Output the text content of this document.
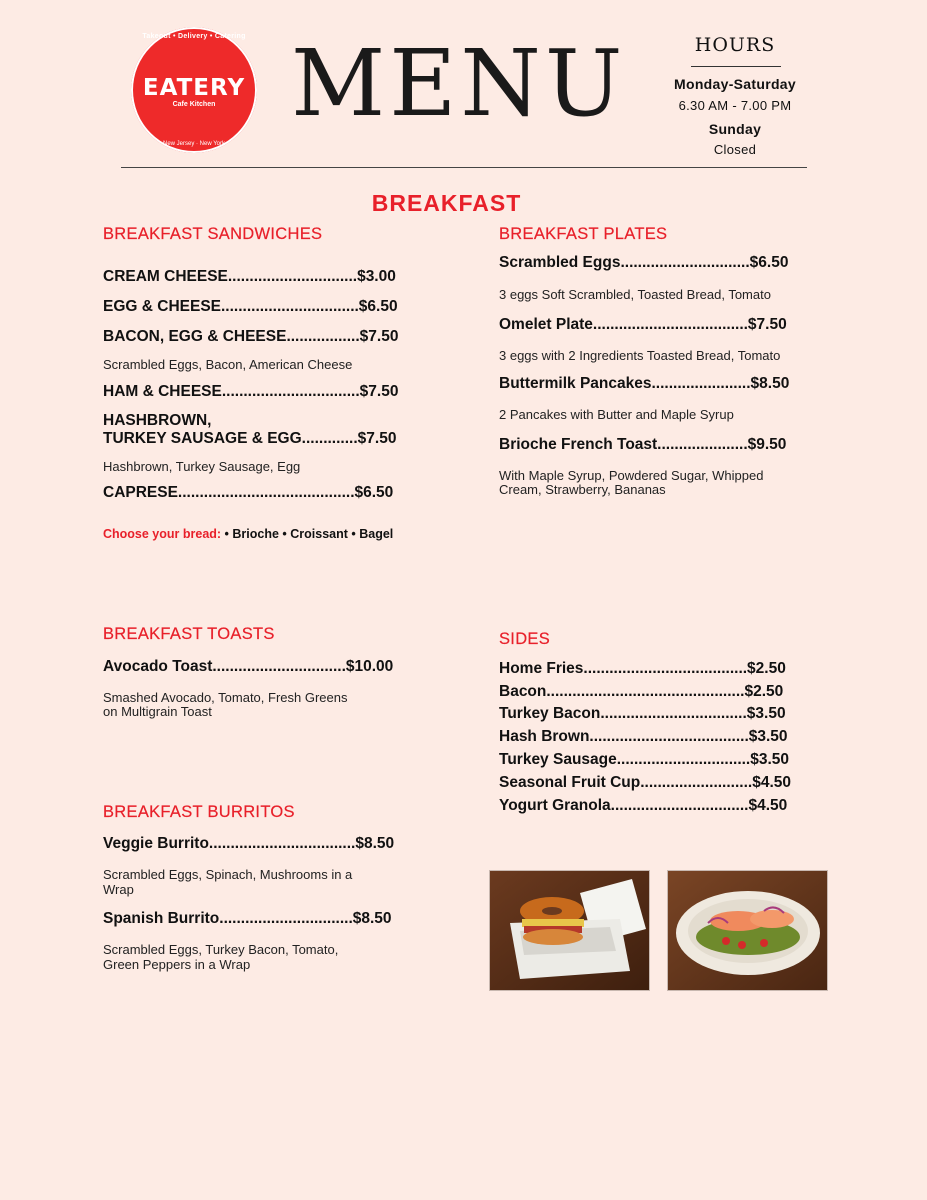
Takeout • Delivery • Catering
EATERY
Cafe Kitchen
New Jersey · New York
MENU	HOURS
Monday-Saturday
6.30 AM - 7.00 PM
Sunday
Closed
BREAKFAST
BREAKFAST SANDWICHES
CREAM CHEESE..............................$3.00
EGG & CHEESE................................$6.50
BACON, EGG & CHEESE.................$7.50
Scrambled Eggs, Bacon, American Cheese
HAM & CHEESE................................$7.50
HASHBROWN,
TURKEY SAUSAGE & EGG.............$7.50
Hashbrown, Turkey Sausage, Egg
CAPRESE.........................................$6.50
Choose your bread: • Brioche • Croissant • Bagel
BREAKFAST PLATES
Scrambled Eggs..............................$6.50
3 eggs Soft Scrambled, Toasted Bread, Tomato
Omelet Plate....................................$7.50
3 eggs with 2 Ingredients Toasted Bread, Tomato
Buttermilk Pancakes.......................$8.50
2 Pancakes with Butter and Maple Syrup
Brioche French Toast.....................$9.50
With Maple Syrup, Powdered Sugar, Whipped
Cream, Strawberry, Bananas
BREAKFAST TOASTS
Avocado Toast...............................$10.00
Smashed Avocado, Tomato, Fresh Greens
on Multigrain Toast
SIDES
Home Fries......................................$2.50
Bacon..............................................$2.50
Turkey Bacon..................................$3.50
Hash Brown.....................................$3.50
Turkey Sausage...............................$3.50
Seasonal Fruit Cup..........................$4.50
Yogurt Granola................................$4.50
BREAKFAST BURRITOS
Veggie Burrito..................................$8.50
Scrambled Eggs, Spinach, Mushrooms in a
Wrap
Spanish Burrito...............................$8.50
Scrambled Eggs, Turkey Bacon, Tomato,
Green Peppers in a Wrap
